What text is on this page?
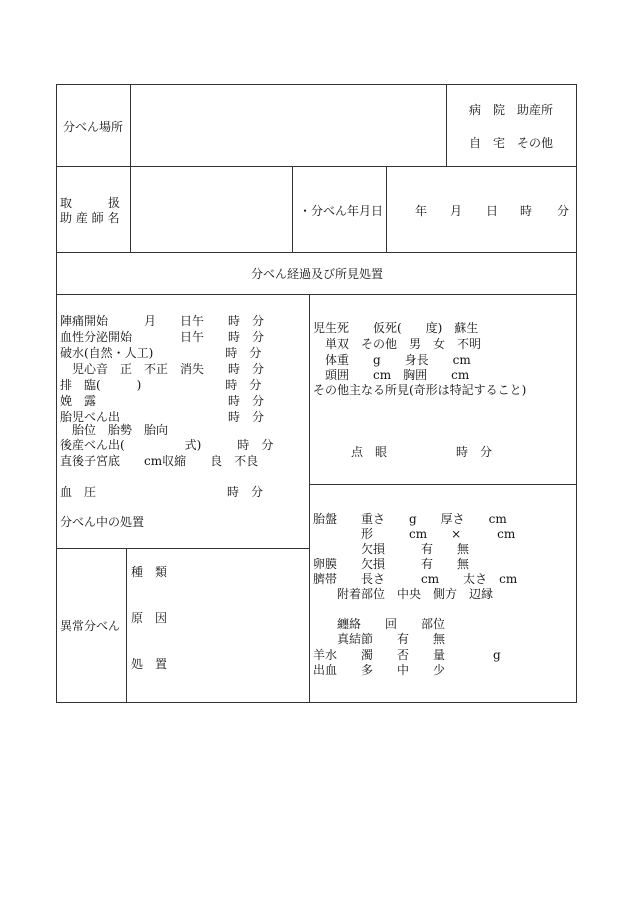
分べん場所
病　院　助産所
自　宅　その他
取　　　扱
助 産 師 名	・分べん年月日	年 月 日 時 分
分べん経過及び所見処置
陣痛開始　　　月　　日午　　時　分
血性分泌開始　　　　日午　　時　分
破水(自然・人工)　　　　　　時　分
　児心音　正　不正　消失　　時　分
排　臨(　　　)　　　　　　　時　分
娩　露　　　　　　　　　　　時　分
胎児べん出　　　　　　　　　時　分
　胎位　胎勢　胎向
後産べん出(　　　　　式)　　　時　分
直後子宮底　　cm収縮　　良　不良
血　圧	時　分
分べん中の処置
異常分べん
種　類
原　因
処　置
児生死　　仮死(　　度)　蘇生
　単双　その他　男　女　不明
　体重　　g　　身長　　cm
　頭囲　　cm　胸囲　　cm
その他主なる所見(奇形は特記すること)
点　眼	時　分
胎盤　　重さ　　g　　厚さ　　cm
　　　　形　　　cm　　×　　　cm
　　　　欠損　　　有　　無
卵膜　　欠損　　　有　　無
臍帯　　長さ　　　cm　　太さ　cm
　　附着部位　中央　側方　辺縁
　　纏絡　　回　　部位
　　真結節　　有　　無
羊水　　濁　　否　　量　　　　g
出血　　多　　中　　少
